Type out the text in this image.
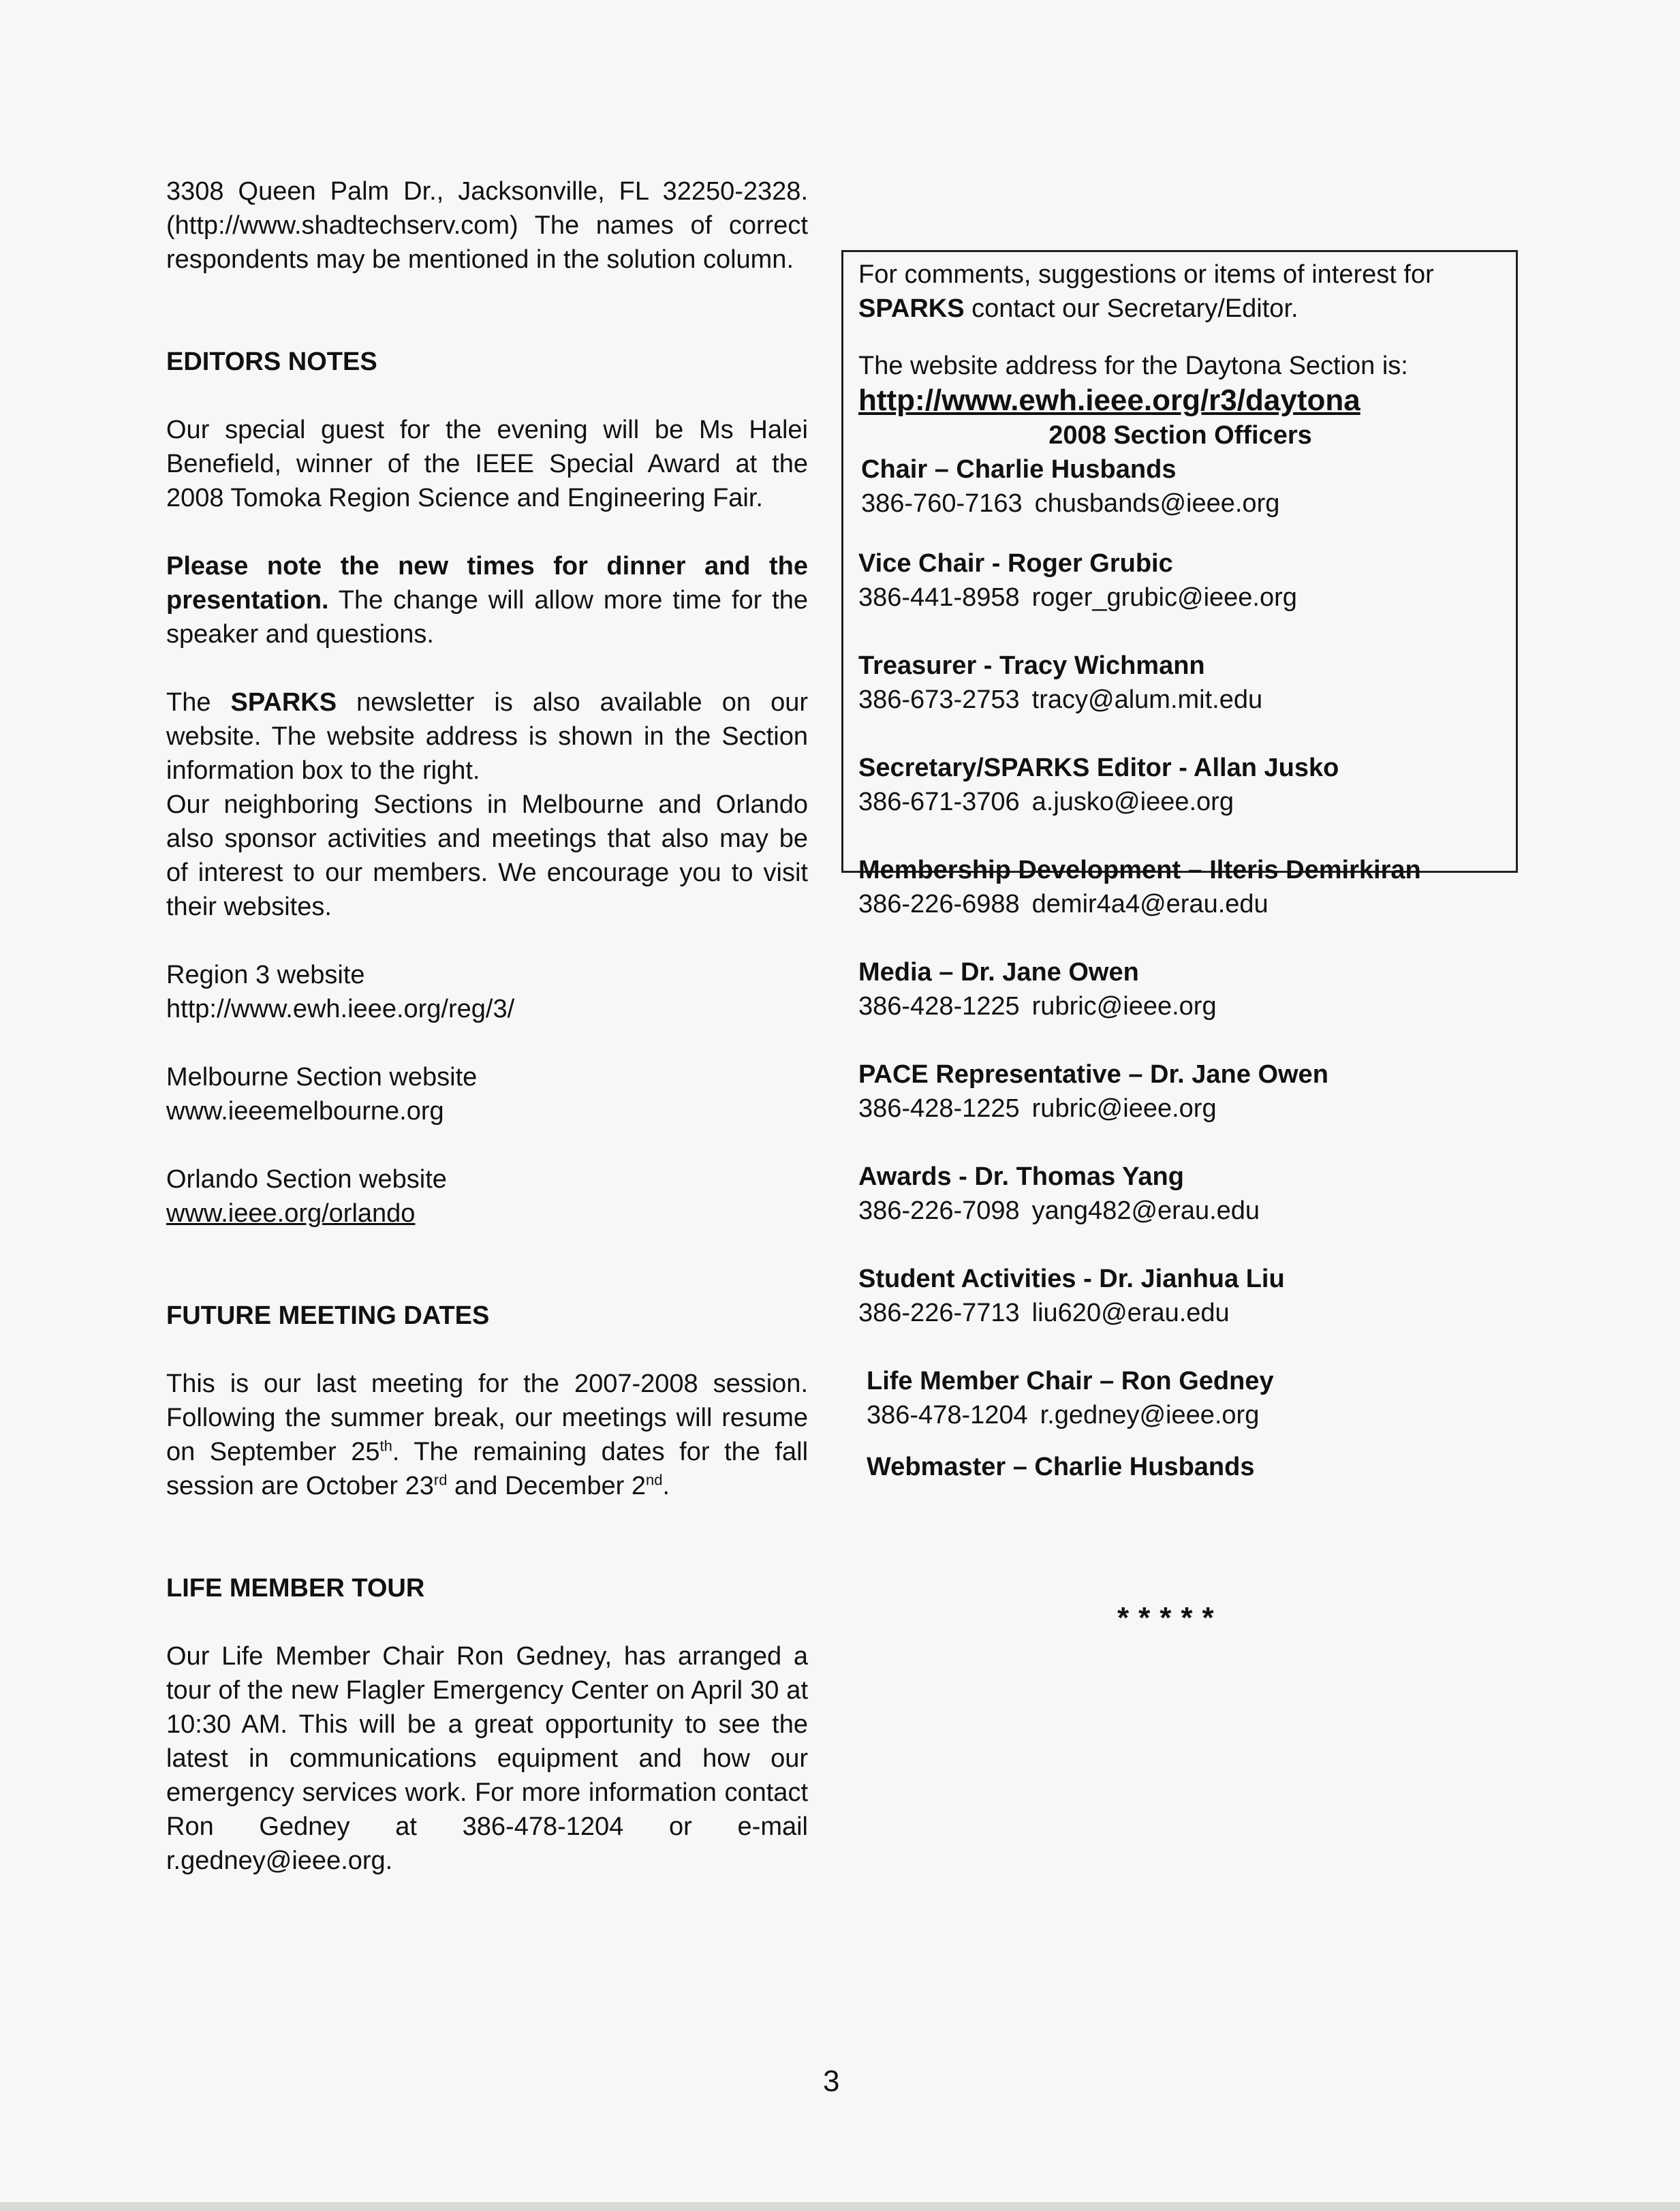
3308 Queen Palm Dr., Jacksonville, FL 32250-2328. (http://www.shadtechserv.com) The names of correct respondents may be mentioned in the solution column.

EDITORS NOTES

Our special guest for the evening will be Ms Halei Benefield, winner of the IEEE Special Award at the 2008 Tomoka Region Science and Engineering Fair.

Please note the new times for dinner and the presentation. The change will allow more time for the speaker and questions.

The SPARKS newsletter is also available on our website. The website address is shown in the Section information box to the right.

Our neighboring Sections in Melbourne and Orlando also sponsor activities and meetings that also may be of interest to our members. We encourage you to visit their websites.

Region 3 website

http://www.ewh.ieee.org/reg/3/

Melbourne Section website

www.ieeemelbourne.org

Orlando Section website

www.ieee.org/orlando

FUTURE MEETING DATES

This is our last meeting for the 2007-2008 session. Following the summer break, our meetings will resume on September 25th. The remaining dates for the fall session are October 23rd and December 2nd.

LIFE MEMBER TOUR

Our Life Member Chair Ron Gedney, has arranged a tour of the new Flagler Emergency Center on April 30 at 10:30 AM. This will be a great opportunity to see the latest in communications equipment and how our emergency services work. For more information contact Ron Gedney at 386-478-1204 or e-mail r.gedney@ieee.org.

For comments, suggestions or items of interest for

SPARKS contact our Secretary/Editor.

The website address for the Daytona Section is:

http://www.ewh.ieee.org/r3/daytona

2008 Section Officers

Chair – Charlie Husbands

386-760-7163 chusbands@ieee.org

Vice Chair - Roger Grubic

386-441-8958 roger_grubic@ieee.org

Treasurer - Tracy Wichmann

386-673-2753 tracy@alum.mit.edu

Secretary/SPARKS Editor - Allan Jusko

386-671-3706 a.jusko@ieee.org

Membership Development – Ilteris Demirkiran

386-226-6988 demir4a4@erau.edu

Media – Dr. Jane Owen

386-428-1225 rubric@ieee.org

PACE Representative – Dr. Jane Owen

386-428-1225 rubric@ieee.org

Awards - Dr. Thomas Yang

386-226-7098 yang482@erau.edu

Student Activities - Dr. Jianhua Liu

386-226-7713 liu620@erau.edu

Life Member Chair – Ron Gedney

386-478-1204 r.gedney@ieee.org

Webmaster – Charlie Husbands

*****
3
